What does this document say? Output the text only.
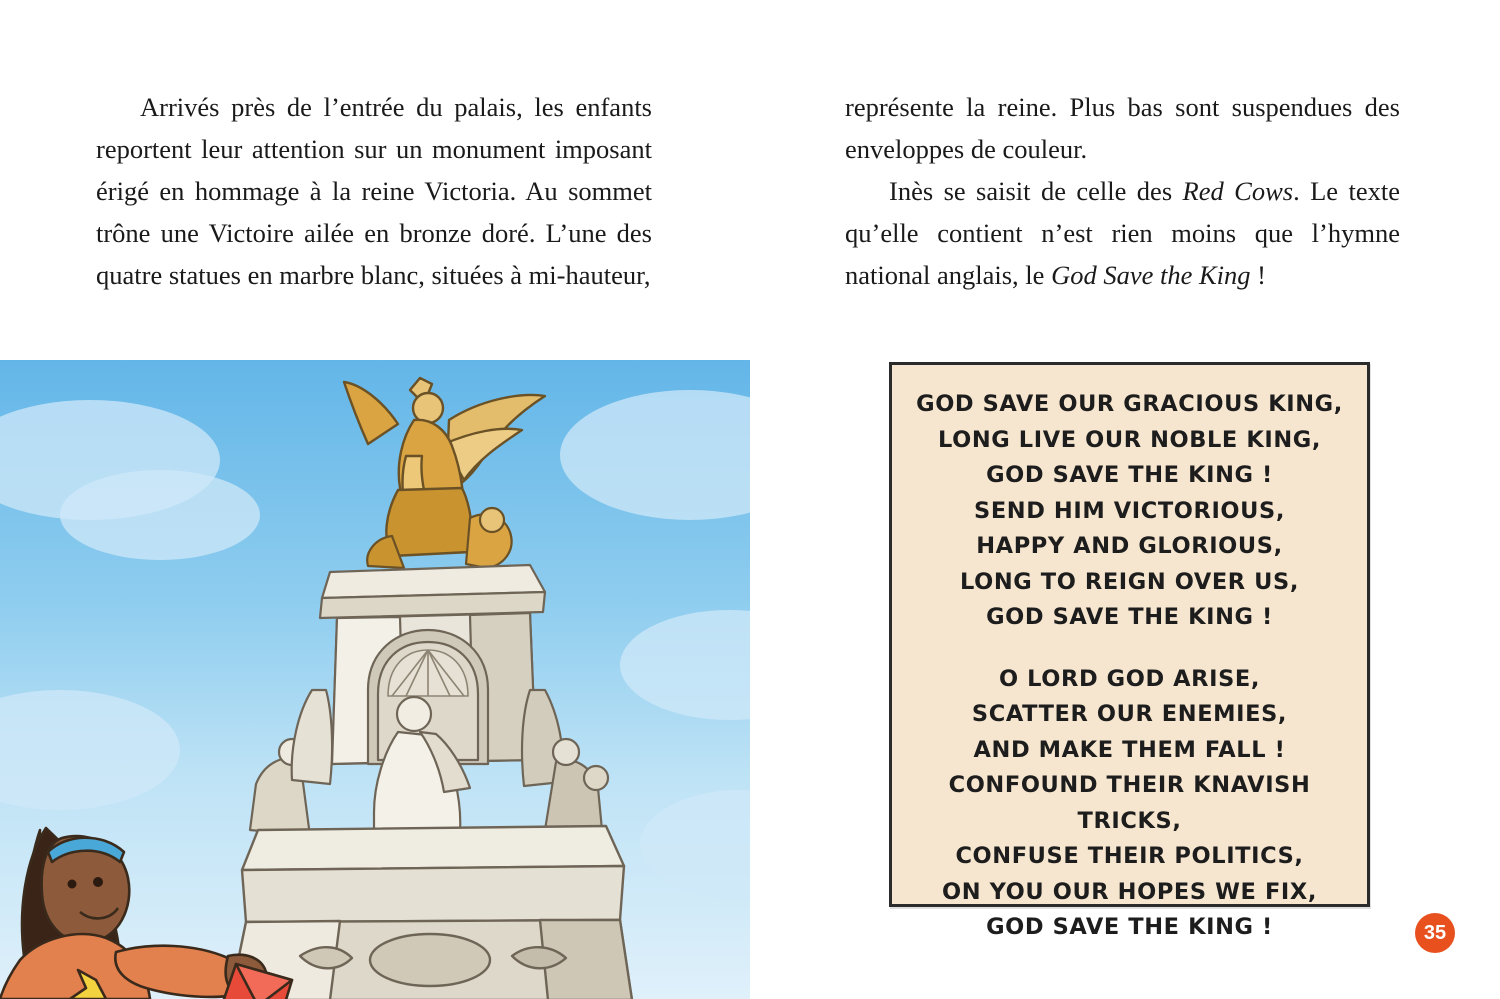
Arrivés près de l’entrée du palais, les enfants reportent leur attention sur un monument imposant érigé en hommage à la reine Victoria. Au sommet trône une Victoire ailée en bronze doré. L’une des quatre statues en marbre blanc, situées à mi-hauteur,

représente la reine. Plus bas sont suspendues des enveloppes de couleur.

Inès se saisit de celle des Red Cows. Le texte qu’elle contient n’est rien moins que l’hymne national anglais, le God Save the King !

GOD SAVE OUR GRACIOUS KING,
LONG LIVE OUR NOBLE KING,
GOD SAVE THE KING !
SEND HIM VICTORIOUS,
HAPPY AND GLORIOUS,
LONG TO REIGN OVER US,
GOD SAVE THE KING !
O LORD GOD ARISE,
SCATTER OUR ENEMIES,
AND MAKE THEM FALL !
CONFOUND THEIR KNAVISH TRICKS,
CONFUSE THEIR POLITICS,
ON YOU OUR HOPES WE FIX,
GOD SAVE THE KING !	35
